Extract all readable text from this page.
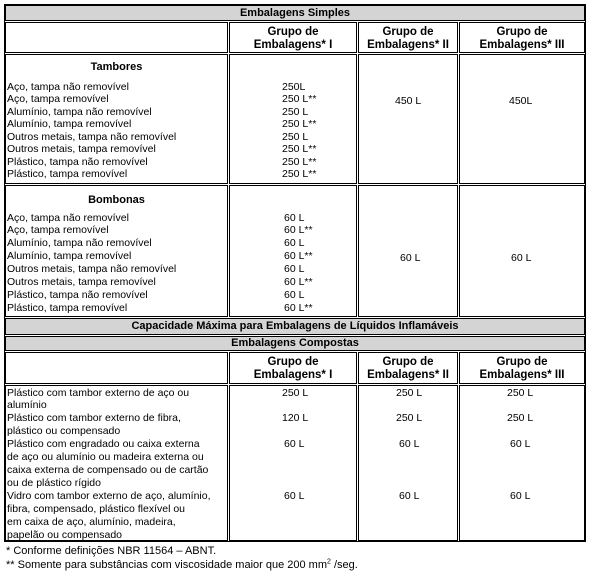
Embalagens Simples
Grupo de Embalagens* I
Grupo de Embalagens* II
Grupo de Embalagens* III
Tambores
Aço, tampa não removível
Aço, tampa removível
Alumínio, tampa não removível
Alumínio, tampa removível
Outros metais, tampa não removível
Outros metais, tampa removível
Plástico, tampa não removível
Plástico, tampa removível
250L
250 L**
250 L
250 L**
250 L
250 L**
250 L**
250 L**
450 L	450L
Bombonas
Aço, tampa não removível
Aço, tampa removível
Alumínio, tampa não removível
Alumínio, tampa removível
Outros metais, tampa não removível
Outros metais, tampa removível
Plástico, tampa não removível
Plástico, tampa removível
60 L
60 L**
60 L
60 L**
60 L
60 L**
60 L
60 L**
60 L	60 L
Capacidade Máxima para Embalagens de Líquidos Inflamáveis
Embalagens Compostas
Grupo de Embalagens* I
Grupo de Embalagens* II
Grupo de Embalagens* III
Plástico com tambor externo de aço ou
alumínio
Plástico com tambor externo de fibra,
plástico ou compensado
Plástico com engradado ou caixa externa
de aço ou alumínio ou madeira externa ou
caixa externa de compensado ou de cartão
ou de plástico rígido
Vidro com tambor externo de aço, alumínio,
fibra, compensado, plástico flexível ou
em caixa de aço, alumínio, madeira,
papelão ou compensado
250 L
120 L
60 L
60 L
250 L
250 L
60 L
60 L
250 L
250 L
60 L
60 L
* Conforme definições NBR 11564 – ABNT.
** Somente para substâncias com viscosidade maior que 200 $mm^2$ /seg.
